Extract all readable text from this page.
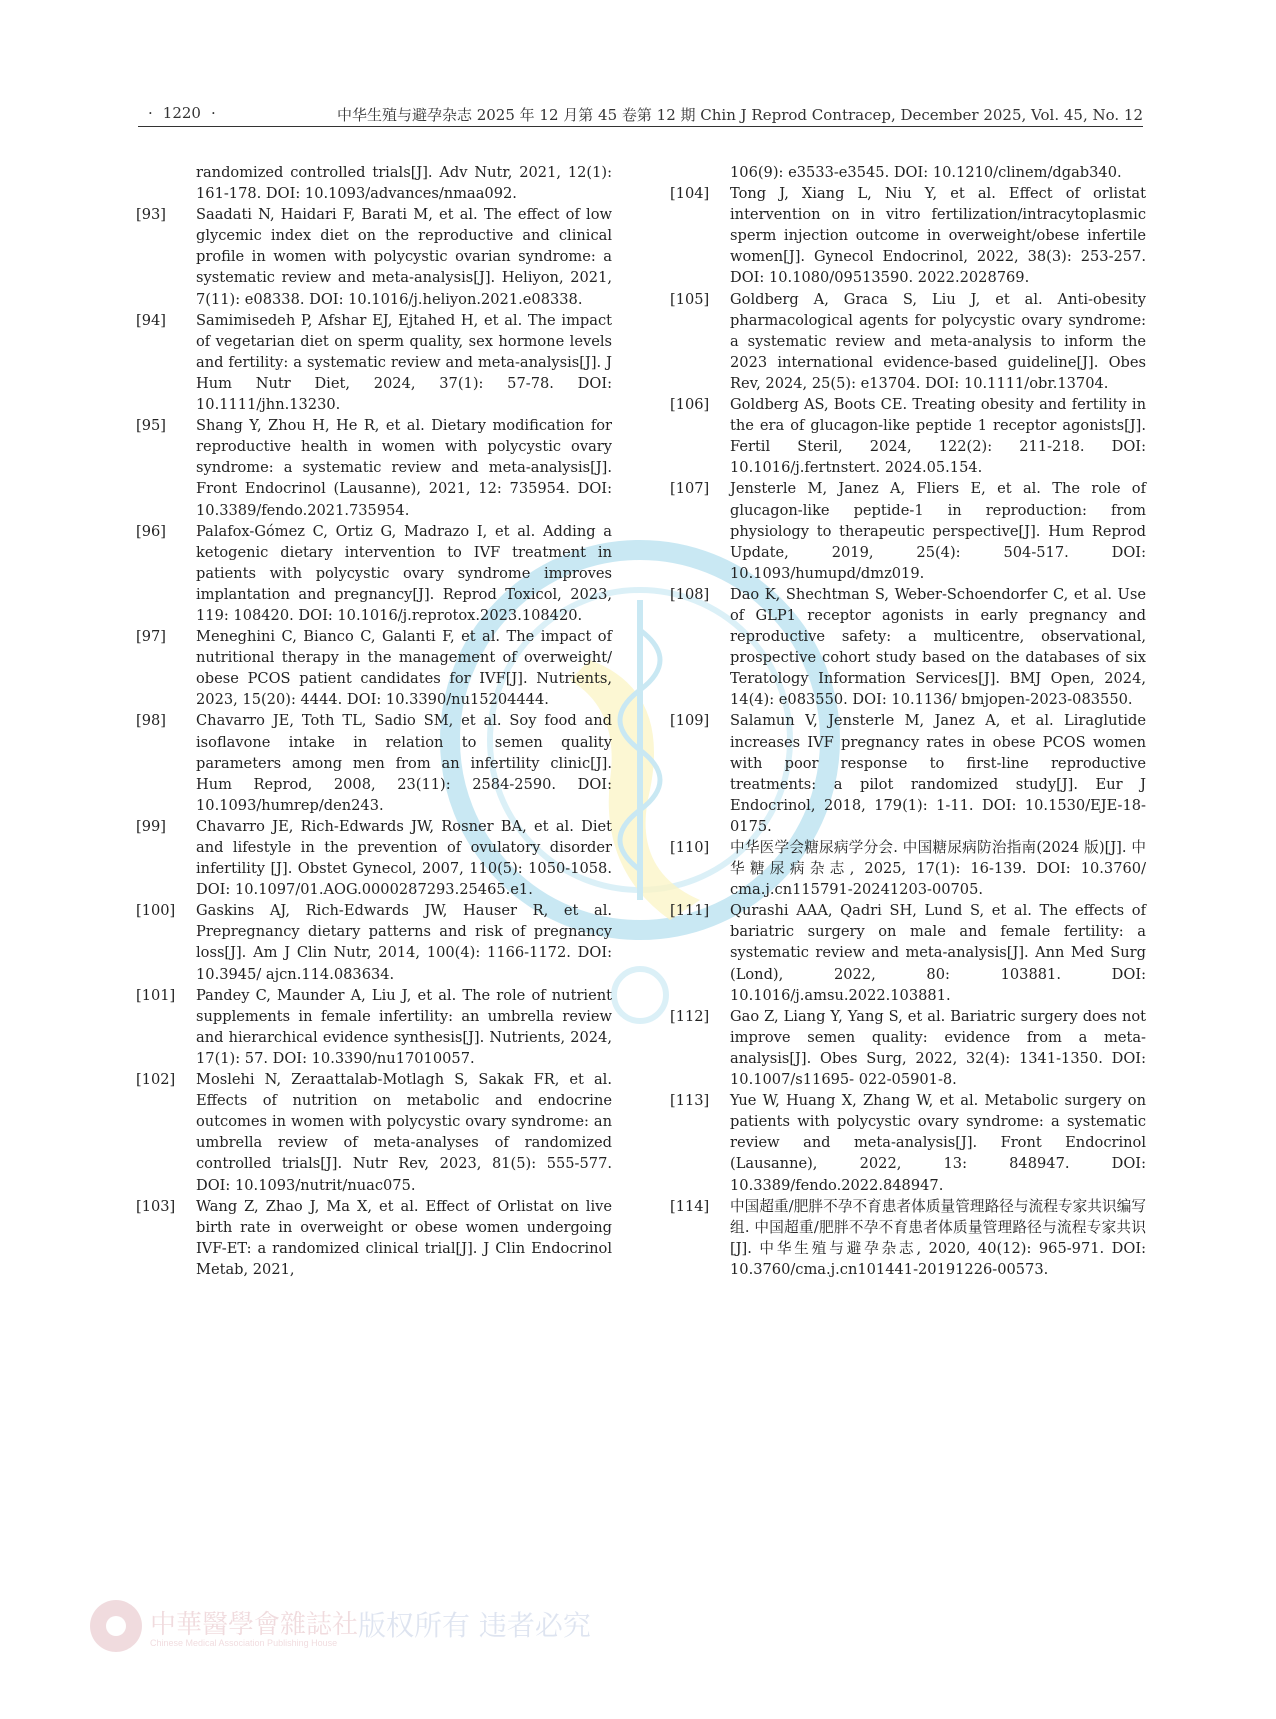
· 1220 ·	中华生殖与避孕杂志 2025 年 12 月第 45 卷第 12 期 Chin J Reprod Contracep, December 2025, Vol. 45, No. 12

randomized controlled trials[J]. Adv Nutr, 2021, 12(1): 161-178. DOI: 10.1093/advances/nmaa092.

[93]	Saadati N, Haidari F, Barati M, et al. The effect of low glycemic index diet on the reproductive and clinical profile in women with polycystic ovarian syndrome: a systematic review and meta-analysis[J]. Heliyon, 2021, 7(11): e08338. DOI: 10.1016/j.heliyon.2021.e08338.

[94]	Samimisedeh P, Afshar EJ, Ejtahed H, et al. The impact of vegetarian diet on sperm quality, sex hormone levels and fertility: a systematic review and meta-analysis[J]. J Hum Nutr Diet, 2024, 37(1): 57-78. DOI: 10.1111/jhn.13230.

[95]	Shang Y, Zhou H, He R, et al. Dietary modification for reproductive health in women with polycystic ovary syndrome: a systematic review and meta-analysis[J]. Front Endocrinol (Lausanne), 2021, 12: 735954. DOI: 10.3389/fendo.2021.735954.

[96]	Palafox-Gómez C, Ortiz G, Madrazo I, et al. Adding a ketogenic dietary intervention to IVF treatment in patients with polycystic ovary syndrome improves implantation and pregnancy[J]. Reprod Toxicol, 2023, 119: 108420. DOI: 10.1016/j.reprotox.2023.108420.

[97]	Meneghini C, Bianco C, Galanti F, et al. The impact of nutritional therapy in the management of overweight/ obese PCOS patient candidates for IVF[J]. Nutrients, 2023, 15(20): 4444. DOI: 10.3390/nu15204444.

[98]	Chavarro JE, Toth TL, Sadio SM, et al. Soy food and isoflavone intake in relation to semen quality parameters among men from an infertility clinic[J]. Hum Reprod, 2008, 23(11): 2584-2590. DOI: 10.1093/humrep/den243.

[99]	Chavarro JE, Rich-Edwards JW, Rosner BA, et al. Diet and lifestyle in the prevention of ovulatory disorder infertility [J]. Obstet Gynecol, 2007, 110(5): 1050-1058. DOI: 10.1097/01.AOG.0000287293.25465.e1.

[100]	Gaskins AJ, Rich-Edwards JW, Hauser R, et al. Prepregnancy dietary patterns and risk of pregnancy loss[J]. Am J Clin Nutr, 2014, 100(4): 1166-1172. DOI: 10.3945/ ajcn.114.083634.

[101]	Pandey C, Maunder A, Liu J, et al. The role of nutrient supplements in female infertility: an umbrella review and hierarchical evidence synthesis[J]. Nutrients, 2024, 17(1): 57. DOI: 10.3390/nu17010057.

[102]	Moslehi N, Zeraattalab-Motlagh S, Sakak FR, et al. Effects of nutrition on metabolic and endocrine outcomes in women with polycystic ovary syndrome: an umbrella review of meta-analyses of randomized controlled trials[J]. Nutr Rev, 2023, 81(5): 555-577. DOI: 10.1093/nutrit/nuac075.

[103]	Wang Z, Zhao J, Ma X, et al. Effect of Orlistat on live birth rate in overweight or obese women undergoing IVF-ET: a randomized clinical trial[J]. J Clin Endocrinol Metab, 2021,

106(9): e3533-e3545. DOI: 10.1210/clinem/dgab340.

[104]	Tong J, Xiang L, Niu Y, et al. Effect of orlistat intervention on in vitro fertilization/intracytoplasmic sperm injection outcome in overweight/obese infertile women[J]. Gynecol Endocrinol, 2022, 38(3): 253-257. DOI: 10.1080/09513590. 2022.2028769.

[105]	Goldberg A, Graca S, Liu J, et al. Anti-obesity pharmacological agents for polycystic ovary syndrome: a systematic review and meta-analysis to inform the 2023 international evidence-based guideline[J]. Obes Rev, 2024, 25(5): e13704. DOI: 10.1111/obr.13704.

[106]	Goldberg AS, Boots CE. Treating obesity and fertility in the era of glucagon-like peptide 1 receptor agonists[J]. Fertil Steril, 2024, 122(2): 211-218. DOI: 10.1016/j.fertnstert. 2024.05.154.

[107]	Jensterle M, Janez A, Fliers E, et al. The role of glucagon-like peptide-1 in reproduction: from physiology to therapeutic perspective[J]. Hum Reprod Update, 2019, 25(4): 504-517. DOI: 10.1093/humupd/dmz019.

[108]	Dao K, Shechtman S, Weber-Schoendorfer C, et al. Use of GLP1 receptor agonists in early pregnancy and reproductive safety: a multicentre, observational, prospective cohort study based on the databases of six Teratology Information Services[J]. BMJ Open, 2024, 14(4): e083550. DOI: 10.1136/ bmjopen-2023-083550.

[109]	Salamun V, Jensterle M, Janez A, et al. Liraglutide increases IVF pregnancy rates in obese PCOS women with poor response to first-line reproductive treatments: a pilot randomized study[J]. Eur J Endocrinol, 2018, 179(1): 1-11. DOI: 10.1530/EJE-18-0175.

[110]	中华医学会糖尿病学分会. 中国糖尿病防治指南(2024 版)[J]. 中华糖尿病杂志, 2025, 17(1): 16-139. DOI: 10.3760/ cma.j.cn115791-20241203-00705.

[111]	Qurashi AAA, Qadri SH, Lund S, et al. The effects of bariatric surgery on male and female fertility: a systematic review and meta-analysis[J]. Ann Med Surg (Lond), 2022, 80: 103881. DOI: 10.1016/j.amsu.2022.103881.

[112]	Gao Z, Liang Y, Yang S, et al. Bariatric surgery does not improve semen quality: evidence from a meta-analysis[J]. Obes Surg, 2022, 32(4): 1341-1350. DOI: 10.1007/s11695- 022-05901-8.

[113]	Yue W, Huang X, Zhang W, et al. Metabolic surgery on patients with polycystic ovary syndrome: a systematic review and meta-analysis[J]. Front Endocrinol (Lausanne), 2022, 13: 848947. DOI: 10.3389/fendo.2022.848947.

[114]	中国超重/肥胖不孕不育患者体质量管理路径与流程专家共识编写组. 中国超重/肥胖不孕不育患者体质量管理路径与流程专家共识[J]. 中华生殖与避孕杂志, 2020, 40(12): 965-971. DOI: 10.3760/cma.j.cn101441-20191226-00573.

中華醫學會雜誌社
Chinese Medical Association Publishing House
版权所有 违者必究
